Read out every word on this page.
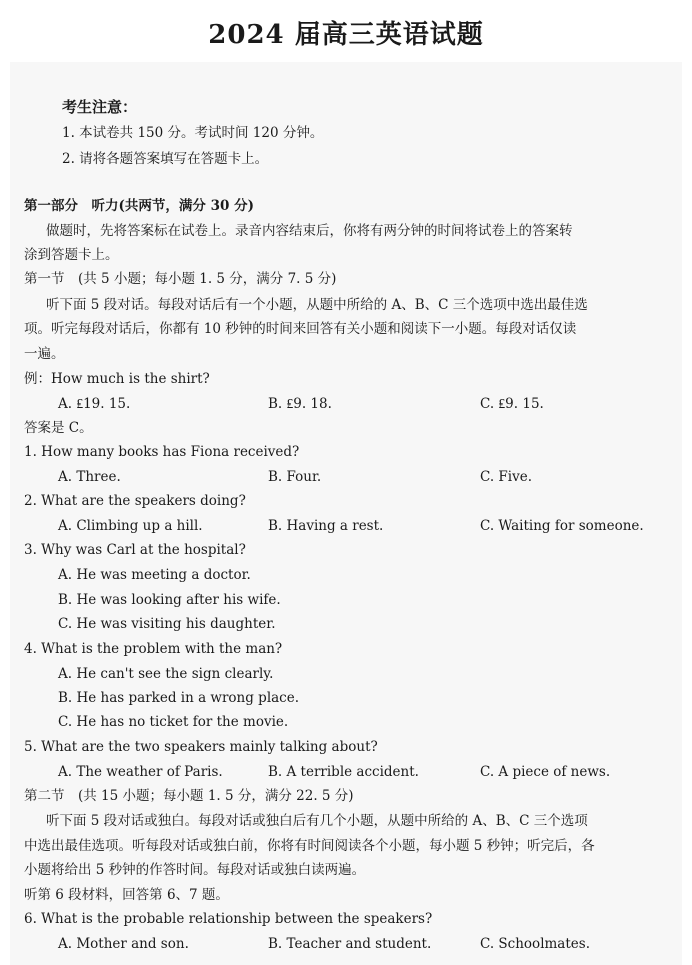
2024 届高三英语试题
考生注意：
1. 本试卷共 150 分。考试时间 120 分钟。
2. 请将各题答案填写在答题卡上。
第一部分　听力(共两节，满分 30 分)
做题时，先将答案标在试卷上。录音内容结束后，你将有两分钟的时间将试卷上的答案转
涂到答题卡上。
第一节　(共 5 小题；每小题 1. 5 分，满分 7. 5 分)
听下面 5 段对话。每段对话后有一个小题，从题中所给的 A、B、C 三个选项中选出最佳选
项。听完每段对话后，你都有 10 秒钟的时间来回答有关小题和阅读下一小题。每段对话仅读
一遍。
例：How much is the shirt?
A. ₤19. 15.	B. ₤9. 18.	C. ₤9. 15.
答案是 C。
1. How many books has Fiona received?
A. Three.	B. Four.	C. Five.
2. What are the speakers doing?
A. Climbing up a hill.	B. Having a rest.	C. Waiting for someone.
3. Why was Carl at the hospital?
A. He was meeting a doctor.
B. He was looking after his wife.
C. He was visiting his daughter.
4. What is the problem with the man?
A. He can't see the sign clearly.
B. He has parked in a wrong place.
C. He has no ticket for the movie.
5. What are the two speakers mainly talking about?
A. The weather of Paris.	B. A terrible accident.	C. A piece of news.
第二节　(共 15 小题；每小题 1. 5 分，满分 22. 5 分)
听下面 5 段对话或独白。每段对话或独白后有几个小题，从题中所给的 A、B、C 三个选项
中选出最佳选项。听每段对话或独白前，你将有时间阅读各个小题，每小题 5 秒钟；听完后，各
小题将给出 5 秒钟的作答时间。每段对话或独白读两遍。
听第 6 段材料，回答第 6、7 题。
6. What is the probable relationship between the speakers?
A. Mother and son.	B. Teacher and student.	C. Schoolmates.
